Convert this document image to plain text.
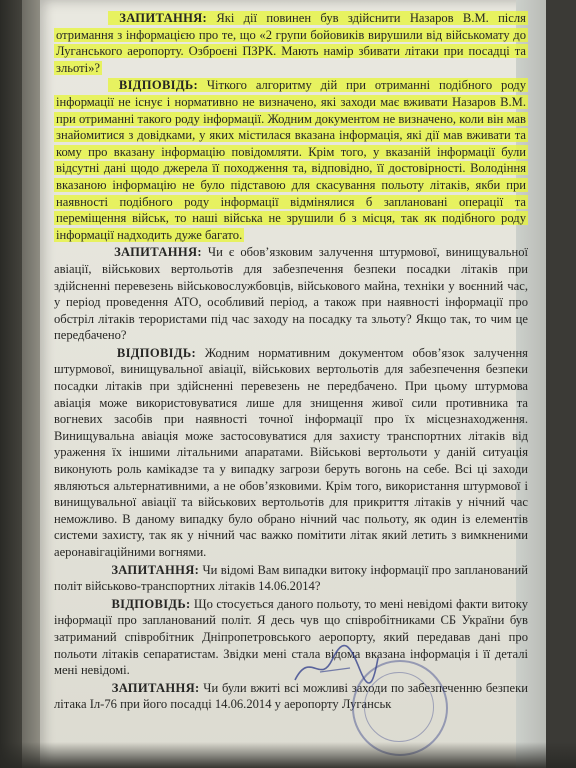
ЗАПИТАННЯ: Які дії повинен був здійснити Назаров В.М. після отримання з інформацією про те, що «2 групи бойовиків вирушили від військомату до Луганського аеропорту. Озброєні ПЗРК. Мають намір збивати літаки при посадці та зльоті»?

ВІДПОВІДЬ: Чіткого алгоритму дій при отриманні подібного роду інформації не існує і нормативно не визначено, які заходи має вживати Назаров В.М. при отриманні такого роду інформації. Жодним документом не визначено, коли він мав знайомитися з довідками, у яких містилася вказана інформація, які дії мав вживати та кому про вказану інформацію повідомляти. Крім того, у вказаній інформації були відсутні дані щодо джерела її походження та, відповідно, її достовірності. Володіння вказаною інформацію не було підставою для скасування польоту літаків, якби при наявності подібного роду інформації відмінялися б заплановані операції та переміщення військ, то наші війська не зрушили б з місця, так як подібного роду інформації надходить дуже багато.

ЗАПИТАННЯ: Чи є обов’язковим залучення штурмової, винищувальної авіації, військових вертольотів для забезпечення безпеки посадки літаків при здійсненні перевезень військовослужбовців, військового майна, техніки у воєнний час, у період проведення АТО, особливий період, а також при наявності інформації про обстріл літаків терористами під час заходу на посадку та зльоту? Якщо так, то чим це передбачено?

ВІДПОВІДЬ: Жодним нормативним документом обов’язок залучення штурмової, винищувальної авіації, військових вертольотів для забезпечення безпеки посадки літаків при здійсненні перевезень не передбачено. При цьому штурмова авіація може використовуватися лише для знищення живої сили противника та вогневих засобів при наявності точної інформації про їх місцезнаходження. Винищувальна авіація може застосовуватися для захисту транспортних літаків від ураження їх іншими літальними апаратами. Військові вертольоти у даній ситуація виконують роль камікадзе та у випадку загрози беруть вогонь на себе. Всі ці заходи являються альтернативними, а не обов’язковими. Крім того, використання штурмової і винищувальної авіації та військових вертольотів для прикриття літаків у нічний час неможливо. В даному випадку було обрано нічний час польоту, як один із елементів системи захисту, так як у нічний час важко помітити літак який летить з вимкненими аеронавігаційними вогнями.

ЗАПИТАННЯ: Чи відомі Вам випадки витоку інформації про запланований політ військово-транспортних літаків 14.06.2014?

ВІДПОВІДЬ: Що стосується даного польоту, то мені невідомі факти витоку інформації про запланований політ. Я десь чув що співробітниками СБ України був затриманий співробітник Дніпропетровського аеропорту, який передавав дані про польоти літаків сепаратистам. Звідки мені стала відома вказана інформація і її деталі мені невідомі.

ЗАПИТАННЯ: Чи були вжиті всі можливі заходи по забезпеченню безпеки літака Іл-76 при його посадці 14.06.2014 у аеропорту Луганськ
